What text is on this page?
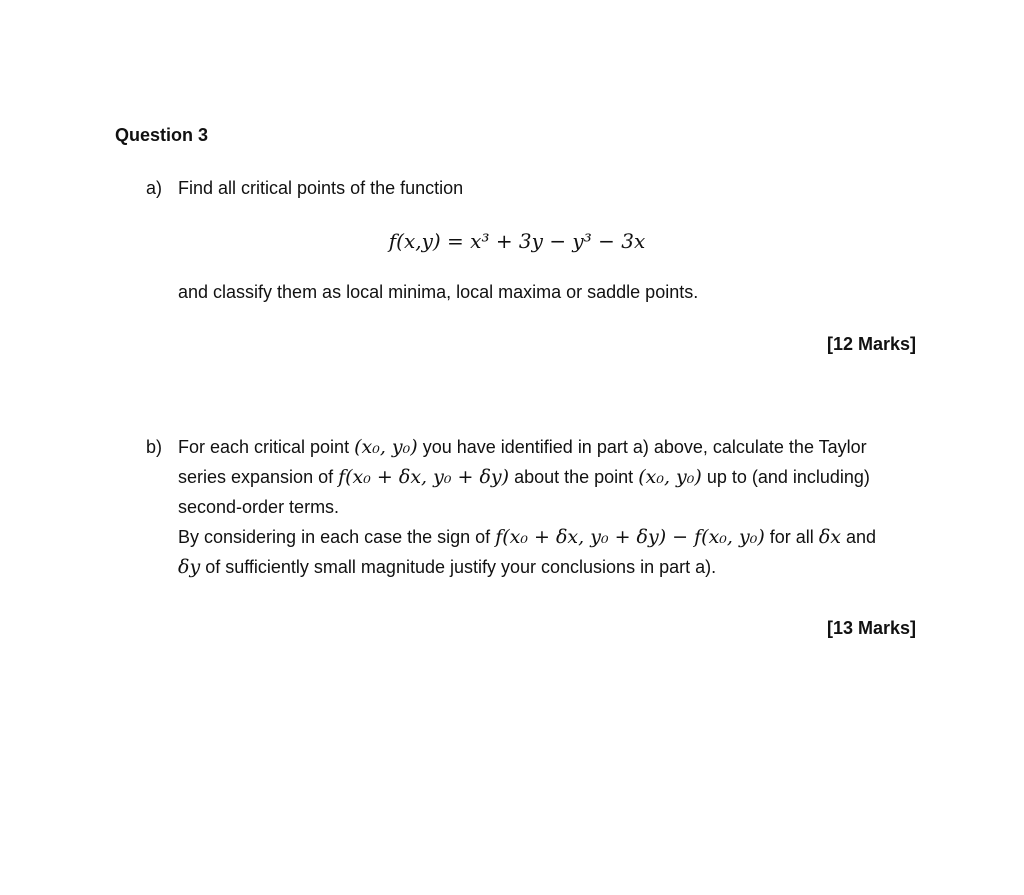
Question 3
a) Find all critical points of the function
f(x,y) = x³ + 3y − y³ − 3x
and classify them as local minima, local maxima or saddle points.
[12 Marks]
b) For each critical point (x₀, y₀) you have identified in part a) above, calculate the Taylor
series expansion of f(x₀ + δx, y₀ + δy) about the point (x₀, y₀) up to (and including)
second-order terms.
By considering in each case the sign of f(x₀ + δx, y₀ + δy) − f(x₀, y₀) for all δx and
δy of sufficiently small magnitude justify your conclusions in part a).
[13 Marks]
